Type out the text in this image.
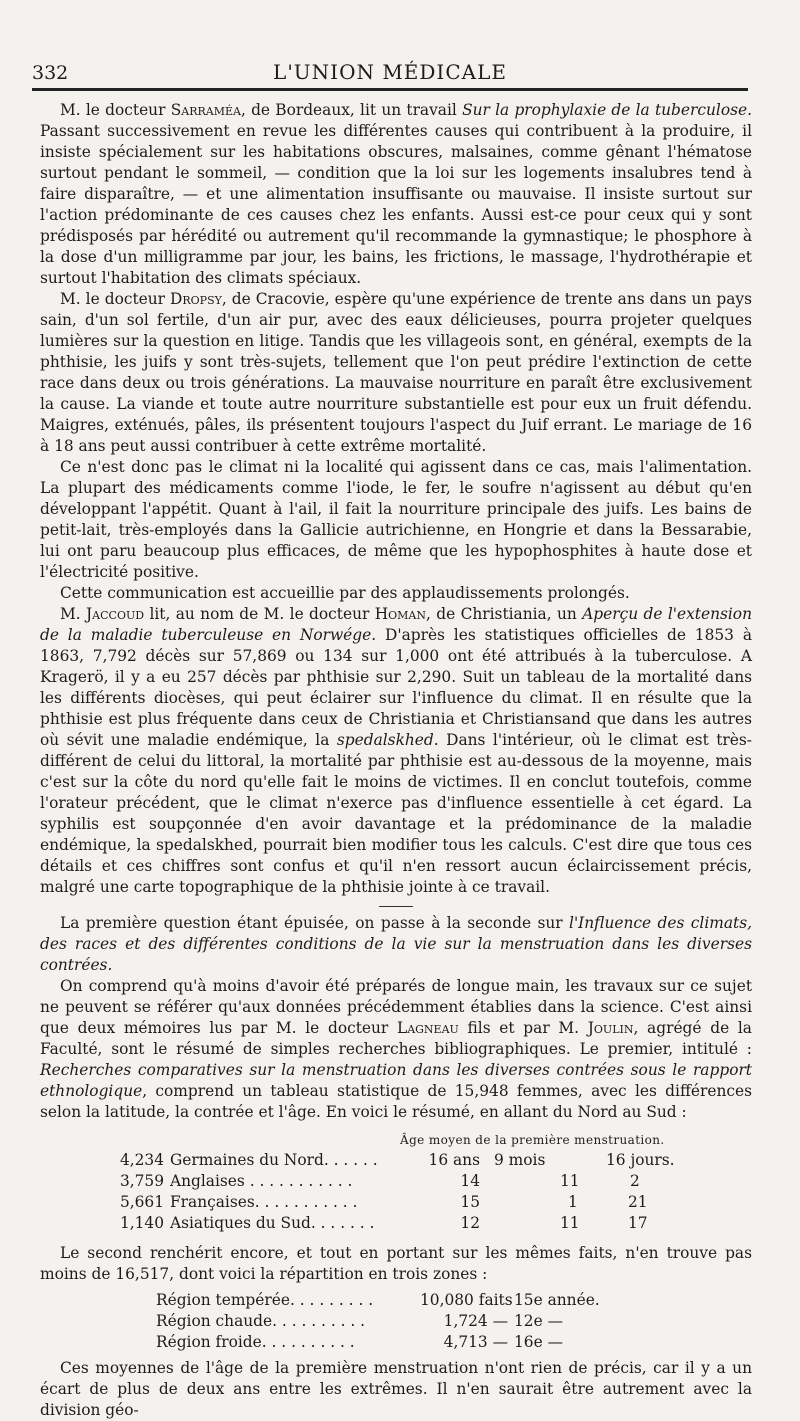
332	L'UNION MÉDICALE

M. le docteur Sarraméa, de Bordeaux, lit un travail Sur la prophylaxie de la tuberculose. Passant successivement en revue les différentes causes qui contribuent à la produire, il insiste spécialement sur les habitations obscures, malsaines, comme gênant l'hématose surtout pendant le sommeil, — condition que la loi sur les logements insalubres tend à faire disparaître, — et une alimentation insuffisante ou mauvaise. Il insiste surtout sur l'action prédominante de ces causes chez les enfants. Aussi est-ce pour ceux qui y sont prédisposés par hérédité ou autrement qu'il recommande la gymnastique; le phosphore à la dose d'un milligramme par jour, les bains, les frictions, le massage, l'hydrothérapie et surtout l'habitation des climats spéciaux.

M. le docteur Dropsy, de Cracovie, espère qu'une expérience de trente ans dans un pays sain, d'un sol fertile, d'un air pur, avec des eaux délicieuses, pourra projeter quelques lumières sur la question en litige. Tandis que les villageois sont, en général, exempts de la phthisie, les juifs y sont très-sujets, tellement que l'on peut prédire l'extinction de cette race dans deux ou trois générations. La mauvaise nourriture en paraît être exclusivement la cause. La viande et toute autre nourriture substantielle est pour eux un fruit défendu. Maigres, exténués, pâles, ils présentent toujours l'aspect du Juif errant. Le mariage de 16 à 18 ans peut aussi contribuer à cette extrême mortalité.

Ce n'est donc pas le climat ni la localité qui agissent dans ce cas, mais l'alimentation. La plupart des médicaments comme l'iode, le fer, le soufre n'agissent au début qu'en développant l'appétit. Quant à l'ail, il fait la nourriture principale des juifs. Les bains de petit-lait, très-employés dans la Gallicie autrichienne, en Hongrie et dans la Bessarabie, lui ont paru beaucoup plus efficaces, de même que les hypophosphites à haute dose et l'électricité positive.

Cette communication est accueillie par des applaudissements prolongés.

M. Jaccoud lit, au nom de M. le docteur Homan, de Christiania, un Aperçu de l'extension de la maladie tuberculeuse en Norwége. D'après les statistiques officielles de 1853 à 1863, 7,792 décès sur 57,869 ou 134 sur 1,000 ont été attribués à la tuberculose. A Kragerö, il y a eu 257 décès par phthisie sur 2,290. Suit un tableau de la mortalité dans les différents diocèses, qui peut éclairer sur l'influence du climat. Il en résulte que la phthisie est plus fréquente dans ceux de Christiania et Christiansand que dans les autres où sévit une maladie endémique, la spedalskhed. Dans l'intérieur, où le climat est très-différent de celui du littoral, la mortalité par phthisie est au-dessous de la moyenne, mais c'est sur la côte du nord qu'elle fait le moins de victimes. Il en conclut toutefois, comme l'orateur précédent, que le climat n'exerce pas d'influence essentielle à cet égard. La syphilis est soupçonnée d'en avoir davantage et la prédominance de la maladie endémique, la spedalskhed, pourrait bien modifier tous les calculs. C'est dire que tous ces détails et ces chiffres sont confus et qu'il n'en ressort aucun éclaircissement précis, malgré une carte topographique de la phthisie jointe à ce travail.

La première question étant épuisée, on passe à la seconde sur l'Influence des climats, des races et des différentes conditions de la vie sur la menstruation dans les diverses contrées.

On comprend qu'à moins d'avoir été préparés de longue main, les travaux sur ce sujet ne peuvent se référer qu'aux données précédemment établies dans la science. C'est ainsi que deux mémoires lus par M. le docteur Lagneau fils et par M. Joulin, agrégé de la Faculté, sont le résumé de simples recherches bibliographiques. Le premier, intitulé : Recherches comparatives sur la menstruation dans les diverses contrées sous le rapport ethnologique, comprend un tableau statistique de 15,948 femmes, avec les différences selon la latitude, la contrée et l'âge. En voici le résumé, en allant du Nord au Sud :

Âge moyen de la première menstruation.
4,234 Germaines du Nord. . . . . .	16 ans 9 mois	16 jours.
3,759 Anglaises . . . . . . . . . . .	14	11	2
5,661 Françaises. . . . . . . . . . .	15	1	21
1,140 Asiatiques du Sud. . . . . . .	12	11	17

Le second renchérit encore, et tout en portant sur les mêmes faits, n'en trouve pas moins de 16,517, dont voici la répartition en trois zones :

Région tempérée. . . . . . . . .	10,080 faits 15e année.
Région chaude. . . . . . . . . .	1,724 — 12e —
Région froide. . . . . . . . . .	4,713 — 16e —

Ces moyennes de l'âge de la première menstruation n'ont rien de précis, car il y a un écart de plus de deux ans entre les extrêmes. Il n'en saurait être autrement avec la division géo-
